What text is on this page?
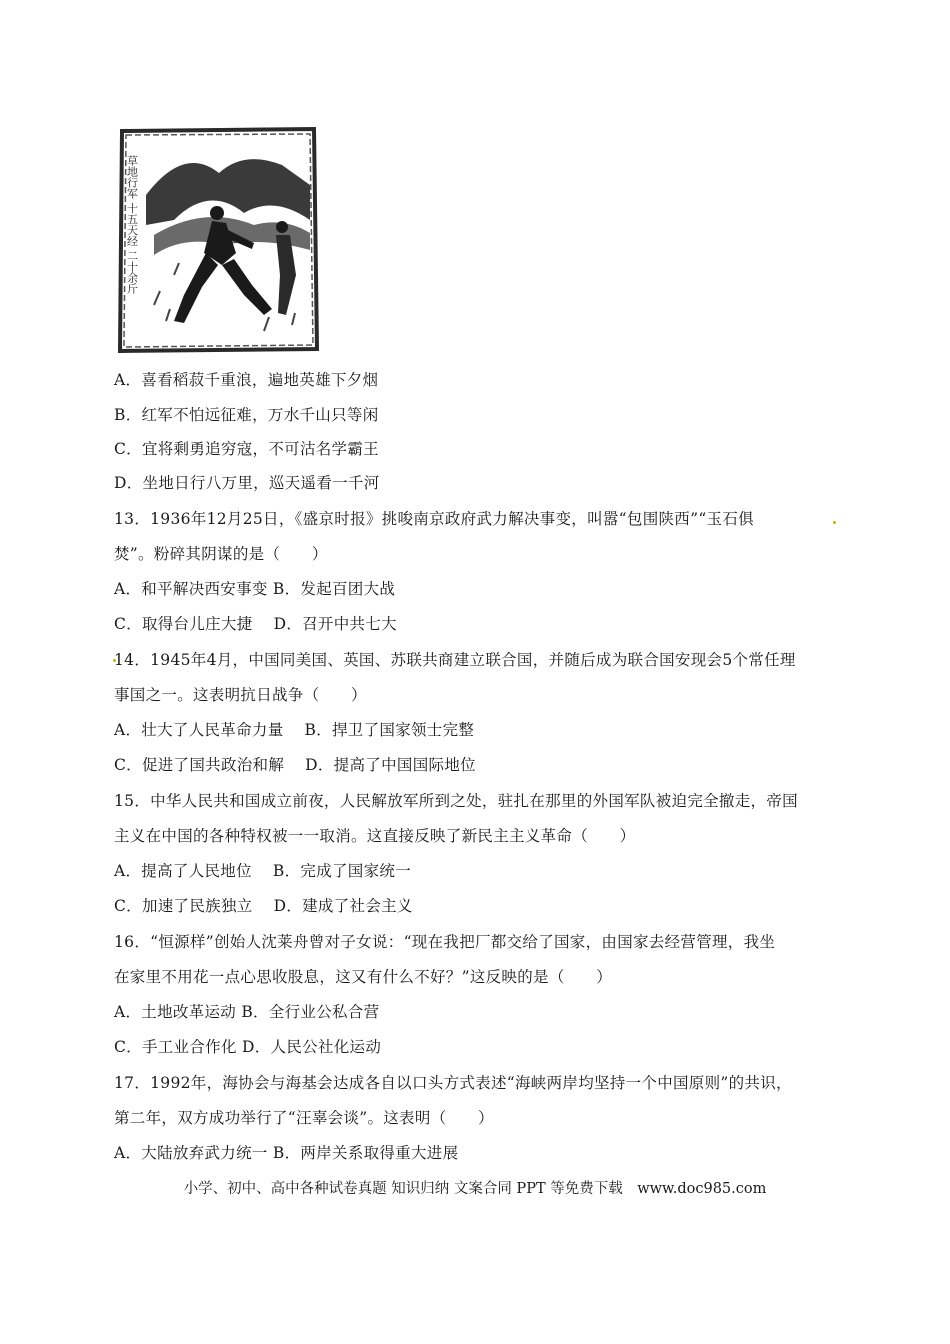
草地行军 十五天经 二十余斤
A．喜看稻菽千重浪，遍地英雄下夕烟
B．红军不怕远征难，万水千山只等闲
C．宜将剩勇追穷寇，不可沽名学霸王
D．坐地日行八万里，巡天遥看一千河
13．1936年12月25日，《盛京时报》挑唆南京政府武力解决事变，叫嚣“包围陕西”“玉石俱
焚”。粉碎其阴谋的是（　　）
A．和平解决西安事变 B．发起百团大战
C．取得台儿庄大捷　 D．召开中共七大
14．1945年4月，中国同美国、英国、苏联共商建立联合国，并随后成为联合国安现会5个常任理
事国之一。这表明抗日战争（　　）
A．壮大了人民革命力量　 B．捍卫了国家领士完整
C．促进了国共政治和解　 D．提高了中国国际地位
15．中华人民共和国成立前夜，人民解放军所到之处，驻扎在那里的外国军队被迫完全撤走，帝国
主义在中国的各种特权被一一取消。这直接反映了新民主主义革命（　　）
A．提高了人民地位　 B．完成了国家统一
C．加速了民族独立　 D．建成了社会主义
16．“恒源样”创始人沈莱舟曾对子女说：“现在我把厂都交给了国家，由国家去经营管理，我坐
在家里不用花一点心思收股息，这又有什么不好？”这反映的是（　　）
A．土地改革运动 B．全行业公私合营
C．手工业合作化 D．人民公社化运动
17．1992年，海协会与海基会达成各自以口头方式表述“海峡两岸均坚持一个中国原则”的共识，
第二年，双方成功举行了“汪辜会谈”。这表明（　　）
A．大陆放弃武力统一 B．两岸关系取得重大进展
小学、初中、高中各种试卷真题 知识归纳 文案合同 PPT 等免费下载　www.doc985.com
